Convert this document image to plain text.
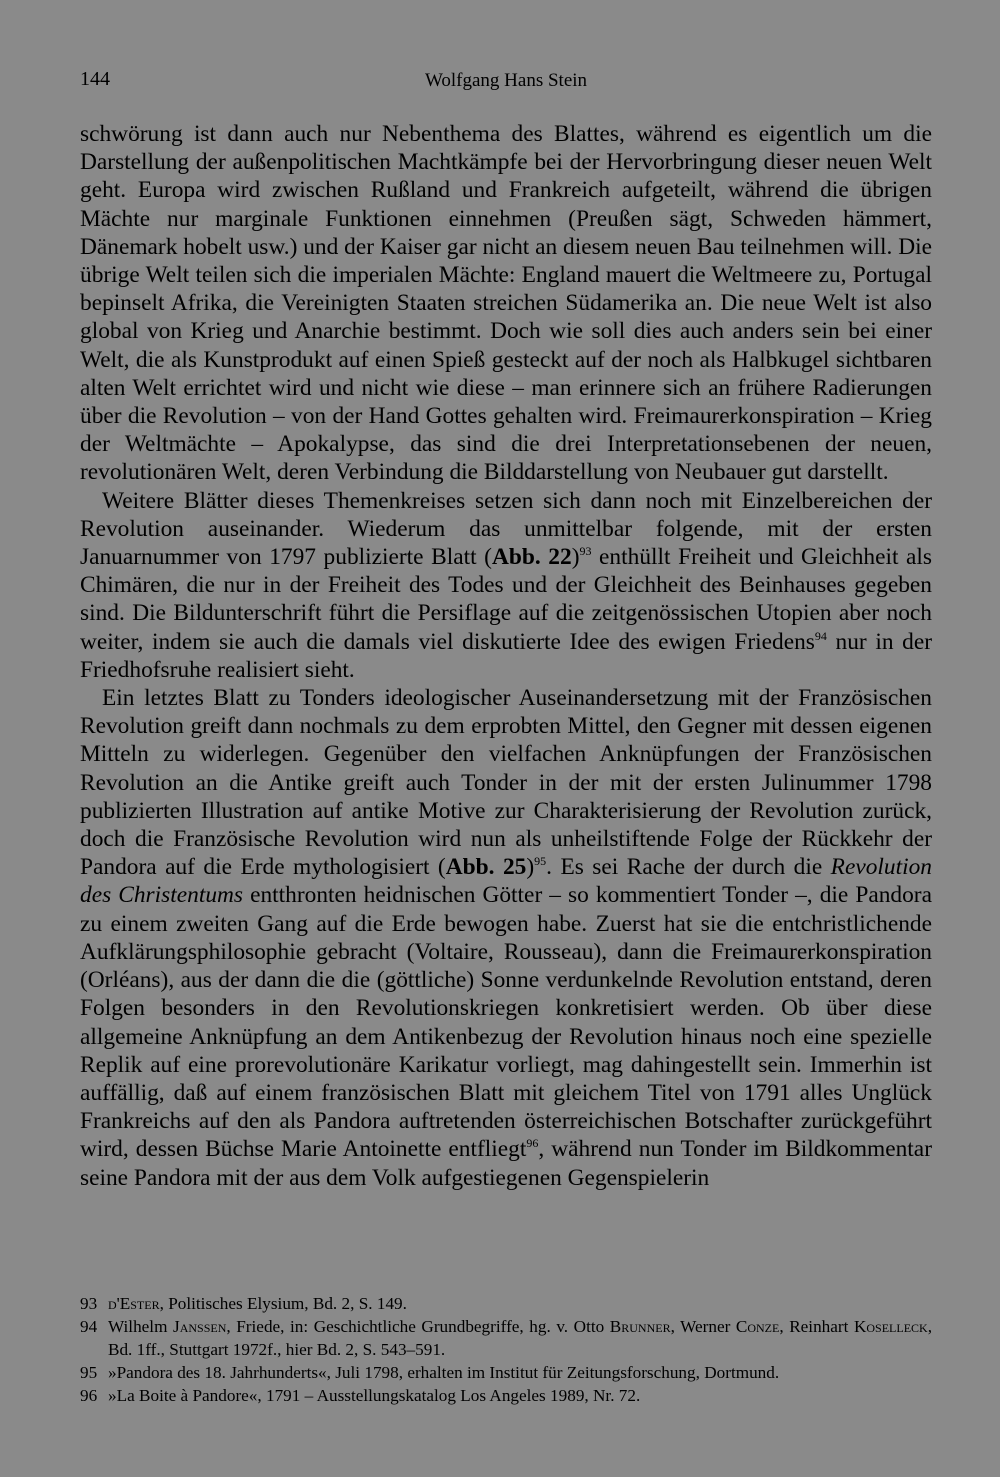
144	Wolfgang Hans Stein

schwörung ist dann auch nur Nebenthema des Blattes, während es eigentlich um die Darstellung der außenpolitischen Machtkämpfe bei der Hervorbringung dieser neuen Welt geht. Europa wird zwischen Rußland und Frankreich aufgeteilt, während die übrigen Mächte nur marginale Funktionen einnehmen (Preußen sägt, Schweden hämmert, Dänemark hobelt usw.) und der Kaiser gar nicht an diesem neuen Bau teilnehmen will. Die übrige Welt teilen sich die imperialen Mächte: England mauert die Weltmeere zu, Portugal bepinselt Afrika, die Vereinigten Staaten streichen Südamerika an. Die neue Welt ist also global von Krieg und Anarchie bestimmt. Doch wie soll dies auch anders sein bei einer Welt, die als Kunstprodukt auf einen Spieß gesteckt auf der noch als Halbkugel sichtbaren alten Welt errichtet wird und nicht wie diese – man erinnere sich an frühere Radierungen über die Revolution – von der Hand Gottes gehalten wird. Freimaurerkonspiration – Krieg der Weltmächte – Apokalypse, das sind die drei Interpretationsebenen der neuen, revolutionären Welt, deren Verbindung die Bilddarstellung von Neubauer gut darstellt.

Weitere Blätter dieses Themenkreises setzen sich dann noch mit Einzelbereichen der Revolution auseinander. Wiederum das unmittelbar folgende, mit der ersten Januarnummer von 1797 publizierte Blatt (Abb. 22)$^{93}$ enthüllt Freiheit und Gleichheit als Chimären, die nur in der Freiheit des Todes und der Gleichheit des Beinhauses gegeben sind. Die Bildunterschrift führt die Persiflage auf die zeitgenössischen Utopien aber noch weiter, indem sie auch die damals viel diskutierte Idee des ewigen Friedens$^{94}$ nur in der Friedhofsruhe realisiert sieht.

Ein letztes Blatt zu Tonders ideologischer Auseinandersetzung mit der Französischen Revolution greift dann nochmals zu dem erprobten Mittel, den Gegner mit dessen eigenen Mitteln zu widerlegen. Gegenüber den vielfachen Anknüpfungen der Französischen Revolution an die Antike greift auch Tonder in der mit der ersten Julinummer 1798 publizierten Illustration auf antike Motive zur Charakterisierung der Revolution zurück, doch die Französische Revolution wird nun als unheilstiftende Folge der Rückkehr der Pandora auf die Erde mythologisiert (Abb. 25)$^{95}$. Es sei Rache der durch die Revolution des Christentums entthronten heidnischen Götter – so kommentiert Tonder –, die Pandora zu einem zweiten Gang auf die Erde bewogen habe. Zuerst hat sie die entchristlichende Aufklärungsphilosophie gebracht (Voltaire, Rousseau), dann die Freimaurerkonspiration (Orléans), aus der dann die die (göttliche) Sonne verdunkelnde Revolution entstand, deren Folgen besonders in den Revolutionskriegen konkretisiert werden. Ob über diese allgemeine Anknüpfung an dem Antikenbezug der Revolution hinaus noch eine spezielle Replik auf eine prorevolutionäre Karikatur vorliegt, mag dahingestellt sein. Immerhin ist auffällig, daß auf einem französischen Blatt mit gleichem Titel von 1791 alles Unglück Frankreichs auf den als Pandora auftretenden österreichischen Botschafter zurückgeführt wird, dessen Büchse Marie Antoinette entfliegt$^{96}$, während nun Tonder im Bildkommentar seine Pandora mit der aus dem Volk aufgestiegenen Gegenspielerin

93 d'Ester, Politisches Elysium, Bd. 2, S. 149.
94 Wilhelm Janssen, Friede, in: Geschichtliche Grundbegriffe, hg. v. Otto Brunner, Werner Conze, Reinhart Koselleck, Bd. 1ff., Stuttgart 1972f., hier Bd. 2, S. 543–591.
95 »Pandora des 18. Jahrhunderts«, Juli 1798, erhalten im Institut für Zeitungsforschung, Dortmund.
96 »La Boite à Pandore«, 1791 – Ausstellungskatalog Los Angeles 1989, Nr. 72.
